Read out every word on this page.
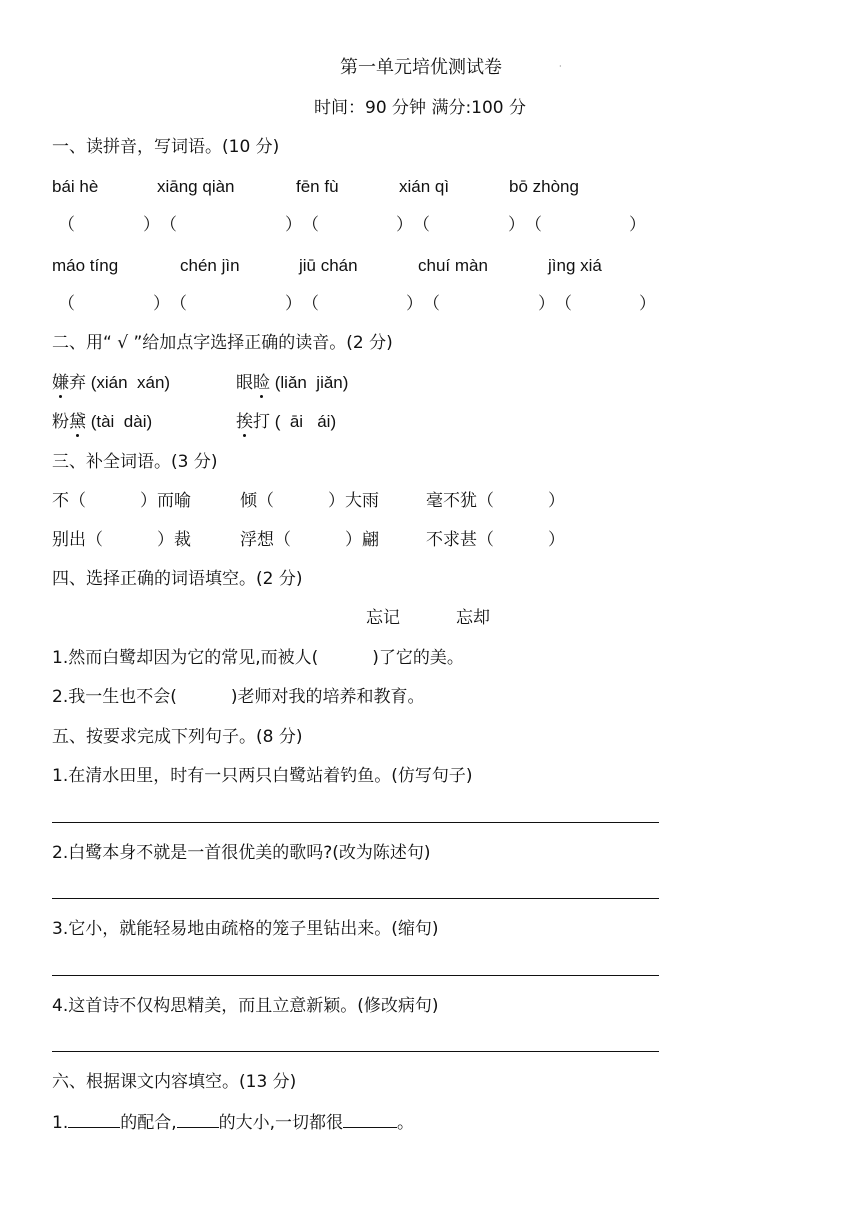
第一单元培优测试卷	·
时间：90 分钟 满分:100 分
一、读拼音，写词语。(10 分)
bái hè	xiāng qiàn	fēn fù	xián qì	bō zhòng
（	） （	） （	） （	） （	）
máo tíng	chén jìn	jiū chán	chuí màn	jìng xiá
（	） （	） （	） （	） （	）
二、用“ √ ”给加点字选择正确的读音。(2 分)
嫌弃 (xián  xán)	眼睑 (liǎn  jiǎn)
粉黛 (tài  dài)	挨打 (  āi   ái)
三、补全词语。(3 分)
不（          ）而喻	倾（          ）大雨	毫不犹（          ）
别出（          ）裁	浮想（          ）翩	不求甚（          ）
四、选择正确的词语填空。(2 分)
忘记	忘却
1.然而白鹭却因为它的常见,而被人(          )了它的美。
2.我一生也不会(          )老师对我的培养和教育。
五、按要求完成下列句子。(8 分)
1.在清水田里，时有一只两只白鹭站着钓鱼。(仿写句子)
2.白鹭本身不就是一首很优美的歌吗?(改为陈述句)
3.它小，就能轻易地由疏格的笼子里钻出来。(缩句)
4.这首诗不仅构思精美，而且立意新颖。(修改病句)
六、根据课文内容填空。(13 分)
1.	的配合, 的大小,一切都很	。
